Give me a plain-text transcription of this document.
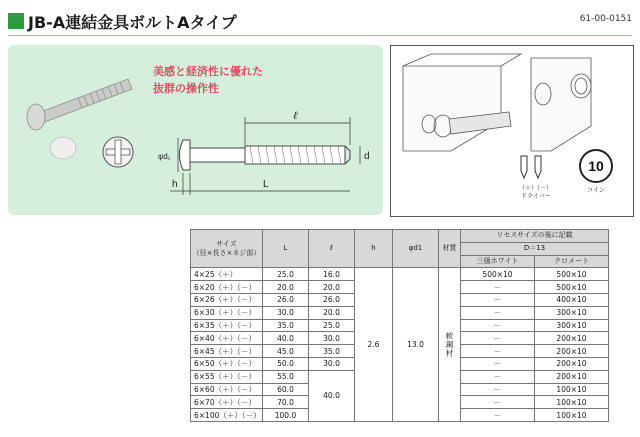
JB-A連結金具ボルトAタイプ	61-00-0151
美感と経済性に優れた
抜群の操作性
ℓ
L
h
d
φd₁
（＋）（－）
ドライバー
10
コイン
サイズ
（径×長さ×ネジ部）	L	ℓ	h	φd1	材質	リセスサイズの後に記載	
						D＝13	
						三価ホワイト	クロメート
4×25（＋）	25.0	16.0	2.6	13.0	軟鋼材	500×10	500×10
6×20（＋）（－）	20.0	20.0				－	500×10
6×26（＋）（－）	26.0	26.0				－	400×10
6×30（＋）（－）	30.0	20.0				－	300×10
6×35（＋）（－）	35.0	25.0				－	300×10
6×40（＋）（－）	40.0	30.0				－	200×10
6×45（＋）（－）	45.0	35.0				－	200×10
6×50（＋）（－）	50.0	30.0				－	200×10
6×55（＋）（－）	55.0	40.0				－	200×10
6×60（＋）（－）	60.0					－	100×10
6×70（＋）（－）	70.0					－	100×10
6×100（＋）（－）	100.0					－	100×10
